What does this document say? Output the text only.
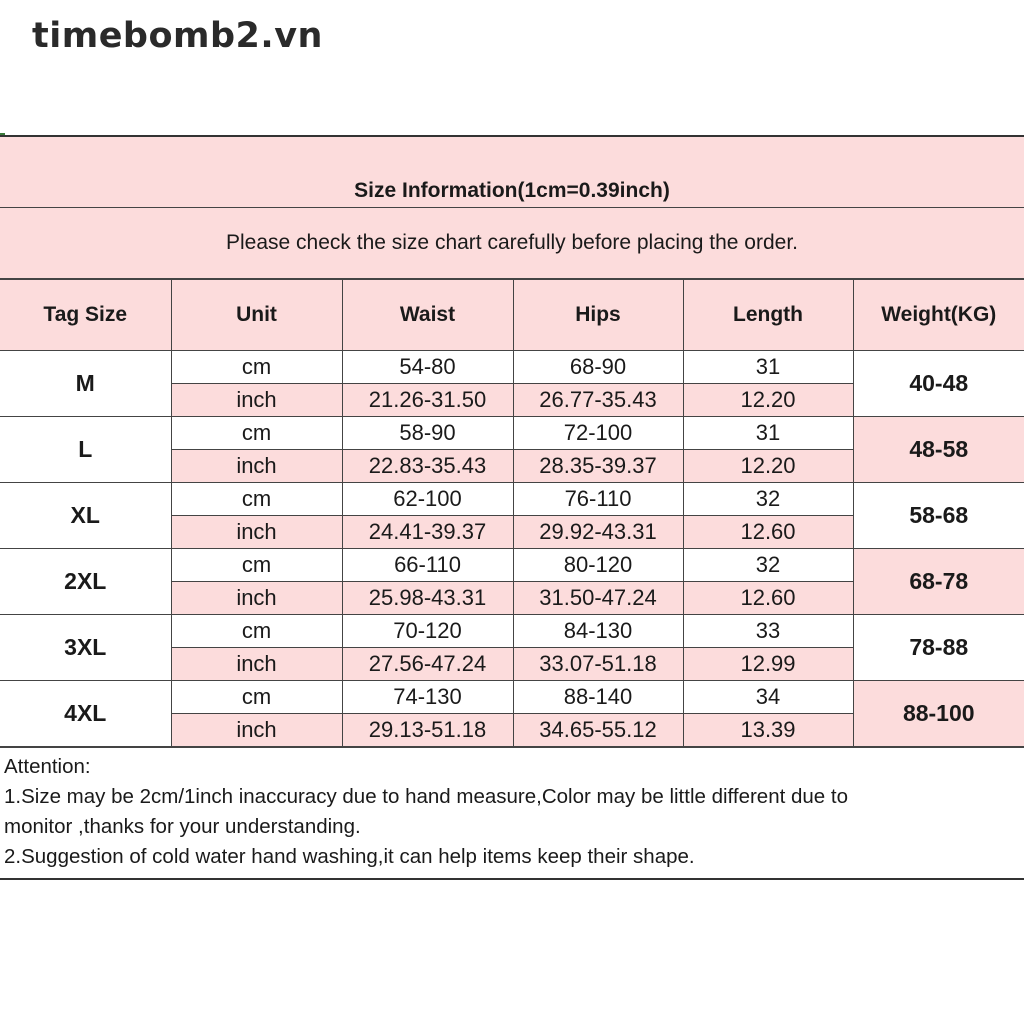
timebomb2.vn
Size Information(1cm=0.39inch)
Please check the size chart carefully before placing the order.
Tag Size	Unit	Waist	Hips	Length	Weight(KG)
M	cm	54-80	68-90	31	40-48
	inch	21.26-31.50	26.77-35.43	12.20	
L	cm	58-90	72-100	31	48-58
	inch	22.83-35.43	28.35-39.37	12.20	
XL	cm	62-100	76-110	32	58-68
	inch	24.41-39.37	29.92-43.31	12.60	
2XL	cm	66-110	80-120	32	68-78
	inch	25.98-43.31	31.50-47.24	12.60	
3XL	cm	70-120	84-130	33	78-88
	inch	27.56-47.24	33.07-51.18	12.99	
4XL	cm	74-130	88-140	34	88-100
	inch	29.13-51.18	34.65-55.12	13.39	
Attention:
1.Size may be 2cm/1inch inaccuracy due to hand measure,Color may be little different due to
monitor ,thanks for your understanding.
2.Suggestion of cold water hand washing,it can help items keep their shape.
